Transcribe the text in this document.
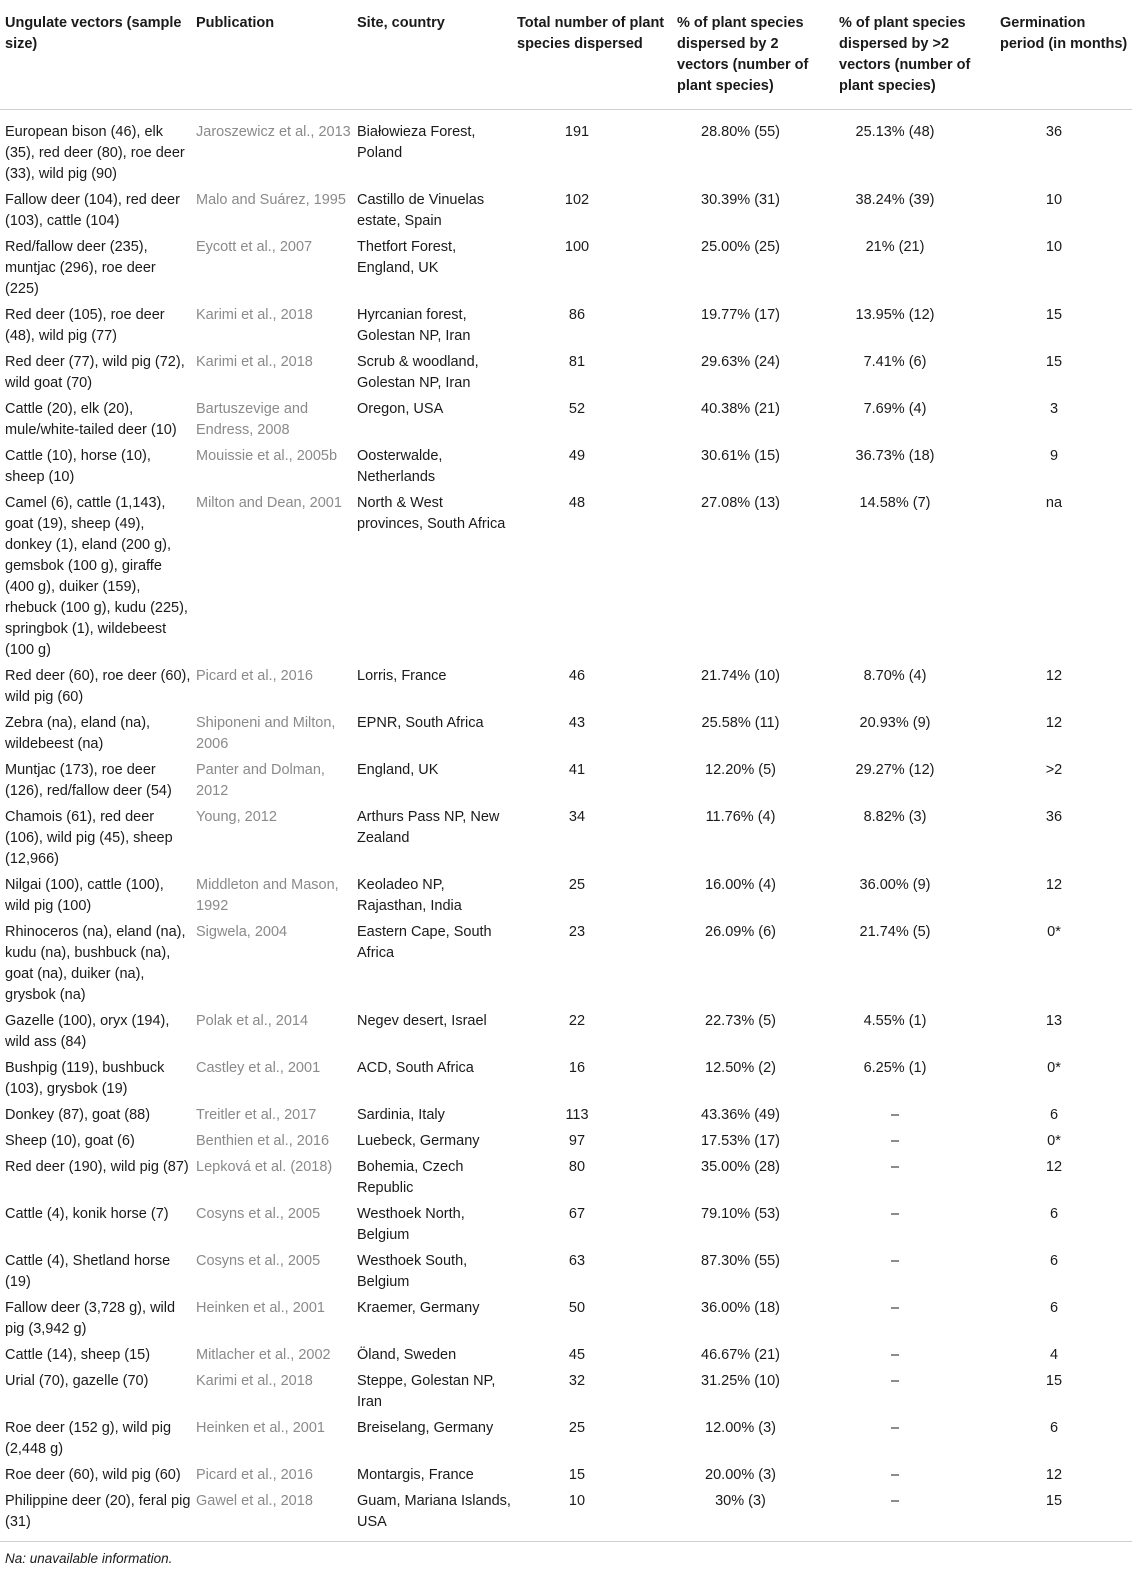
Ungulate vectors (sample size)	Publication	Site, country	Total number of plant species dispersed	% of plant species dispersed by 2 vectors (number of plant species)	% of plant species dispersed by >2 vectors (number of plant species)	Germination period (in months)
European bison (46), elk (35), red deer (80), roe deer (33), wild pig (90)	Jaroszewicz et al., 2013	Białowieza Forest, Poland	191	28.80% (55)	25.13% (48)	36
Fallow deer (104), red deer (103), cattle (104)	Malo and Suárez, 1995	Castillo de Vinuelas estate, Spain	102	30.39% (31)	38.24% (39)	10
Red/fallow deer (235), muntjac (296), roe deer (225)	Eycott et al., 2007	Thetfort Forest, England, UK	100	25.00% (25)	21% (21)	10
Red deer (105), roe deer (48), wild pig (77)	Karimi et al., 2018	Hyrcanian forest, Golestan NP, Iran	86	19.77% (17)	13.95% (12)	15
Red deer (77), wild pig (72), wild goat (70)	Karimi et al., 2018	Scrub & woodland, Golestan NP, Iran	81	29.63% (24)	7.41% (6)	15
Cattle (20), elk (20), mule/white-tailed deer (10)	Bartuszevige and Endress, 2008	Oregon, USA	52	40.38% (21)	7.69% (4)	3
Cattle (10), horse (10), sheep (10)	Mouissie et al., 2005b	Oosterwalde, Netherlands	49	30.61% (15)	36.73% (18)	9
Camel (6), cattle (1,143), goat (19), sheep (49), donkey (1), eland (200 g), gemsbok (100 g), giraffe (400 g), duiker (159), rhebuck (100 g), kudu (225), springbok (1), wildebeest (100 g)	Milton and Dean, 2001	North & West provinces, South Africa	48	27.08% (13)	14.58% (7)	na
Red deer (60), roe deer (60), wild pig (60)	Picard et al., 2016	Lorris, France	46	21.74% (10)	8.70% (4)	12
Zebra (na), eland (na), wildebeest (na)	Shiponeni and Milton, 2006	EPNR, South Africa	43	25.58% (11)	20.93% (9)	12
Muntjac (173), roe deer (126), red/fallow deer (54)	Panter and Dolman, 2012	England, UK	41	12.20% (5)	29.27% (12)	>2
Chamois (61), red deer (106), wild pig (45), sheep (12,966)	Young, 2012	Arthurs Pass NP, New Zealand	34	11.76% (4)	8.82% (3)	36
Nilgai (100), cattle (100), wild pig (100)	Middleton and Mason, 1992	Keoladeo NP, Rajasthan, India	25	16.00% (4)	36.00% (9)	12
Rhinoceros (na), eland (na), kudu (na), bushbuck (na), goat (na), duiker (na), grysbok (na)	Sigwela, 2004	Eastern Cape, South Africa	23	26.09% (6)	21.74% (5)	0*
Gazelle (100), oryx (194), wild ass (84)	Polak et al., 2014	Negev desert, Israel	22	22.73% (5)	4.55% (1)	13
Bushpig (119), bushbuck (103), grysbok (19)	Castley et al., 2001	ACD, South Africa	16	12.50% (2)	6.25% (1)	0*
Donkey (87), goat (88)	Treitler et al., 2017	Sardinia, Italy	113	43.36% (49)	–	6
Sheep (10), goat (6)	Benthien et al., 2016	Luebeck, Germany	97	17.53% (17)	–	0*
Red deer (190), wild pig (87)	Lepková et al. (2018)	Bohemia, Czech Republic	80	35.00% (28)	–	12
Cattle (4), konik horse (7)	Cosyns et al., 2005	Westhoek North, Belgium	67	79.10% (53)	–	6
Cattle (4), Shetland horse (19)	Cosyns et al., 2005	Westhoek South, Belgium	63	87.30% (55)	–	6
Fallow deer (3,728 g), wild pig (3,942 g)	Heinken et al., 2001	Kraemer, Germany	50	36.00% (18)	–	6
Cattle (14), sheep (15)	Mitlacher et al., 2002	Öland, Sweden	45	46.67% (21)	–	4
Urial (70), gazelle (70)	Karimi et al., 2018	Steppe, Golestan NP, Iran	32	31.25% (10)	–	15
Roe deer (152 g), wild pig (2,448 g)	Heinken et al., 2001	Breiselang, Germany	25	12.00% (3)	–	6
Roe deer (60), wild pig (60)	Picard et al., 2016	Montargis, France	15	20.00% (3)	–	12
Philippine deer (20), feral pig (31)	Gawel et al., 2018	Guam, Mariana Islands, USA	10	30% (3)	–	15
Na: unavailable information.
